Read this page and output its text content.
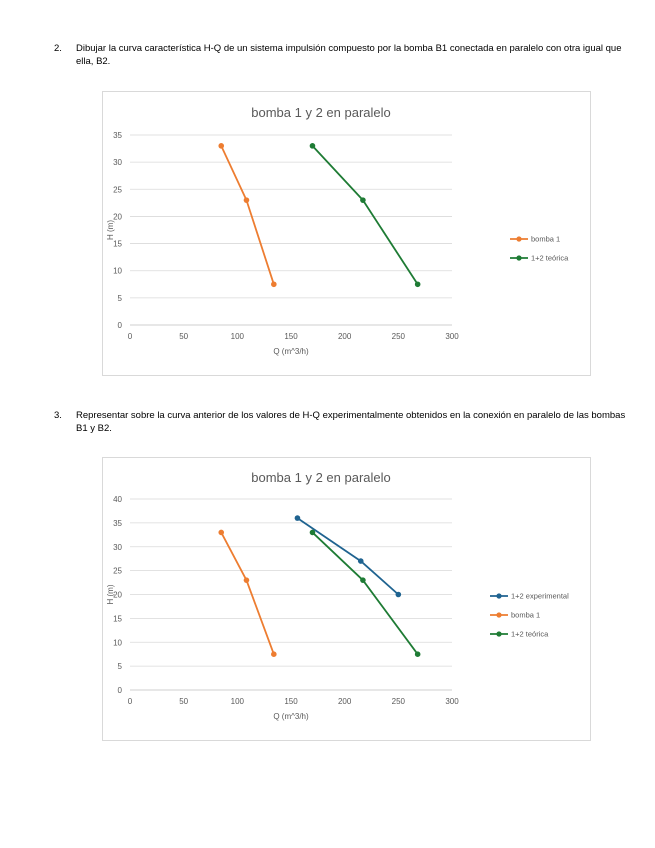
2. Dibujar la curva característica H-Q de un sistema impulsión compuesto por la bomba B1 conectada en paralelo con otra igual que ella, B2.
bomba 1 y 2 en paralelo
0
5
10
15
20
25
30
35
0	50	100	150	200	250	300
Q (m^3/h)
H (m)	bomba 1
1+2 teórica
3. Representar sobre la curva anterior de los valores de H-Q experimentalmente obtenidos en la conexión en paralelo de las bombas B1 y B2.
bomba 1 y 2 en paralelo
0
5
10
15
20
25
30
35
40
0	50	100	150	200	250	300
Q (m^3/h)
H (m)	1+2 experimental
bomba 1
1+2 teórica
